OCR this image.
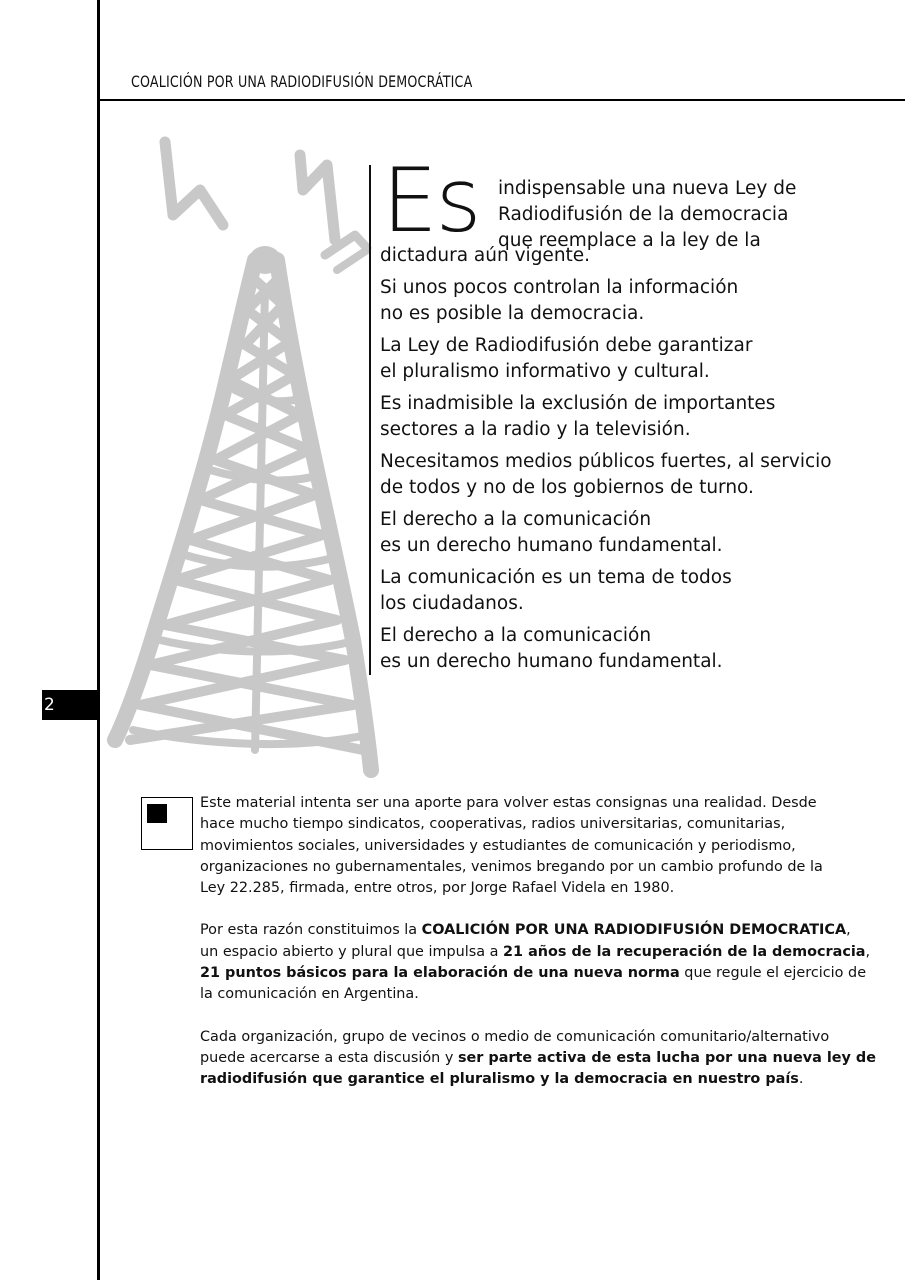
2
COALICIÓN POR UNA RADIODIFUSIÓN DEMOCRÁTICA
Es indispensable una nueva Ley de
Radiodifusión de la democracia
que reemplace a la ley de la

dictadura aún vigente.

Si unos pocos controlan la información
no es posible la democracia.

La Ley de Radiodifusión debe garantizar
el pluralismo informativo y cultural.

Es inadmisible la exclusión de importantes
sectores a la radio y la televisión.

Necesitamos medios públicos fuertes, al servicio
de todos y no de los gobiernos de turno.

El derecho a la comunicación
es un derecho humano fundamental.

La comunicación es un tema de todos
los ciudadanos.

El derecho a la comunicación
es un derecho humano fundamental.

Este material intenta ser una aporte para volver estas consignas una realidad. Desde
hace mucho tiempo sindicatos, cooperativas, radios universitarias, comunitarias,
movimientos sociales, universidades y estudiantes de comunicación y periodismo,
organizaciones no gubernamentales, venimos bregando por un cambio profundo de la
Ley 22.285, firmada, entre otros, por Jorge Rafael Videla en 1980.

Por esta razón constituimos la COALICIÓN POR UNA RADIODIFUSIÓN DEMOCRATICA,
un espacio abierto y plural que impulsa a 21 años de la recuperación de la democracia,
21 puntos básicos para la elaboración de una nueva norma que regule el ejercicio de
la comunicación en Argentina.

Cada organización, grupo de vecinos o medio de comunicación comunitario/alternativo
puede acercarse a esta discusión y ser parte activa de esta lucha por una nueva ley de
radiodifusión que garantice el pluralismo y la democracia en nuestro país.
